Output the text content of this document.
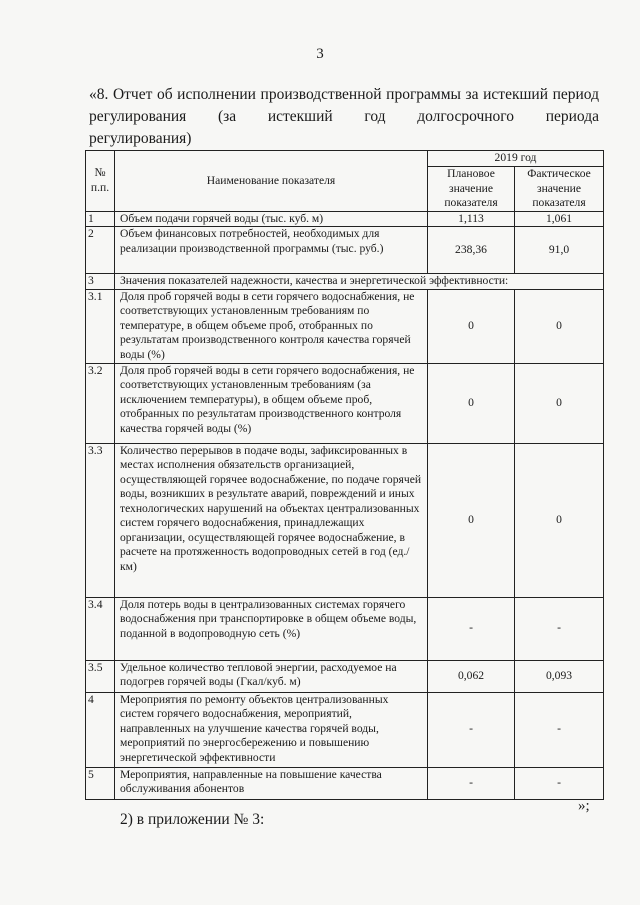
3
«8. Отчет об исполнении производственной программы за истекший период регулирования (за истекший год долгосрочного периода
регулирования)
№ п.п.	Наименование показателя	2019 год	
		Плановое значение показателя	Фактическое значение показателя
1	Объем подачи горячей воды (тыс. куб. м)	1,113	1,061
2	Объем финансовых потребностей, необходимых для реализации производственной программы (тыс. руб.)	238,36	91,0
3	Значения показателей надежности, качества и энергетической эффективности:		
3.1	Доля проб горячей воды в сети горячего водоснабжения, не соответствующих установленным требованиям по температуре, в общем объеме проб, отобранных по результатам производственного контроля качества горячей воды (%)	0	0
3.2	Доля проб горячей воды в сети горячего водоснабжения, не соответствующих установленным требованиям (за исключением температуры), в общем объеме проб, отобранных по результатам производственного контроля качества горячей воды (%)	0	0
3.3	Количество перерывов в подаче воды, зафиксированных в местах исполнения обязательств организацией, осуществляющей горячее водоснабжение, по подаче горячей воды, возникших в результате аварий, повреждений и иных технологических нарушений на объектах централизованных систем горячего водоснабжения, принадлежащих организации, осуществляющей горячее водоснабжение, в расчете на протяженность водопроводных сетей в год (ед./км)	0	0
3.4	Доля потерь воды в централизованных системах горячего водоснабжения при транспортировке в общем объеме воды, поданной в водопроводную сеть (%)	-	-
3.5	Удельное количество тепловой энергии, расходуемое на подогрев горячей воды (Гкал/куб. м)	0,062	0,093
4	Мероприятия по ремонту объектов централизованных систем горячего водоснабжения, мероприятий, направленных на улучшение качества горячей воды, мероприятий по энергосбережению и повышению энергетической эффективности	-	-
5	Мероприятия, направленные на повышение качества обслуживания абонентов	-	-
»;
2) в приложении № 3:
